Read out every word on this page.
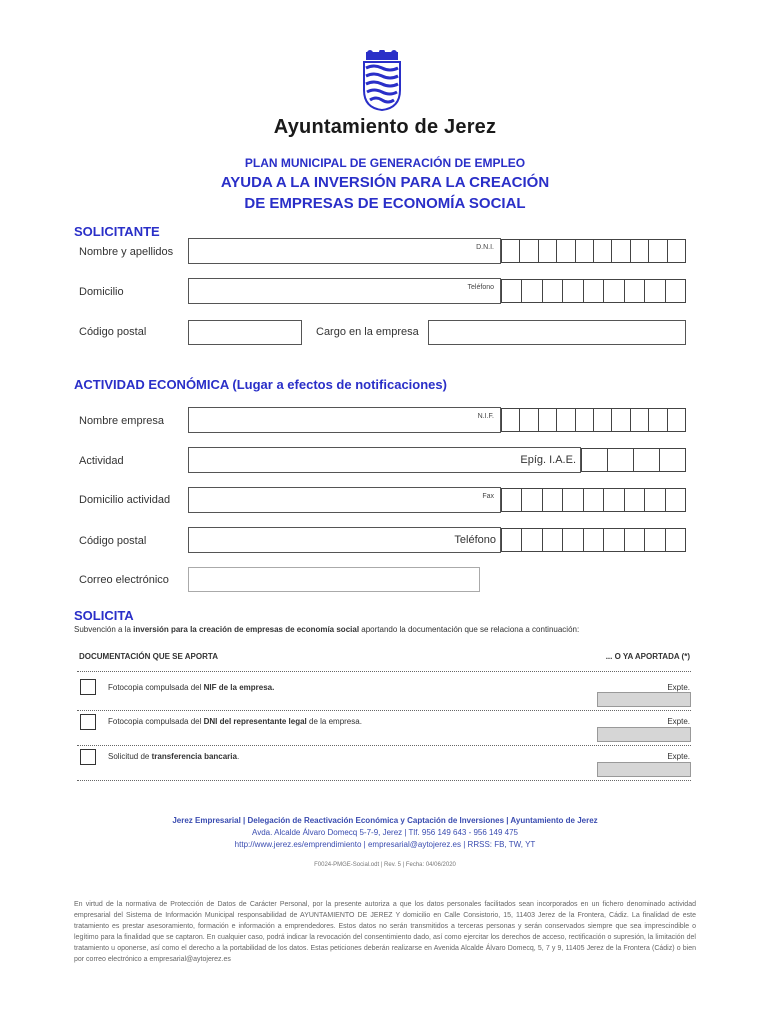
Ayuntamiento de Jerez
PLAN MUNICIPAL DE GENERACIÓN DE EMPLEO
AYUDA A LA INVERSIÓN PARA LA CREACIÓN
DE EMPRESAS DE ECONOMÍA SOCIAL
SOLICITANTE
Nombre y apellidos	D.N.I.
Domicilio	Teléfono
Código postal	Cargo en la empresa
ACTIVIDAD ECONÓMICA (Lugar a efectos de notificaciones)
Nombre empresa	N.I.F.
Actividad	Epíg. I.A.E.
Domicilio actividad	Fax
Código postal	Teléfono
Correo electrónico
SOLICITA
Subvención a la inversión para la creación de empresas de economía social aportando la documentación que se relaciona a continuación:
DOCUMENTACIÓN QUE SE APORTA	... O YA APORTADA (*)
Fotocopia compulsada del NIF de la empresa.	Expte.
Fotocopia compulsada del DNI del representante legal de la empresa.	Expte.
Solicitud de transferencia bancaria.	Expte.
Jerez Empresarial | Delegación de Reactivación Económica y Captación de Inversiones | Ayuntamiento de Jerez
Avda. Alcalde Álvaro Domecq 5-7-9, Jerez | Tlf. 956 149 643 - 956 149 475
http://www.jerez.es/emprendimiento | empresarial@aytojerez.es | RRSS: FB, TW, YT
F0024-PMGE-Social.odt | Rev. 5 | Fecha: 04/06/2020
En virtud de la normativa de Protección de Datos de Carácter Personal, por la presente autoriza a que los datos personales facilitados sean incorporados en un fichero denominado actividad empresarial del Sistema de Información Municipal responsabilidad de AYUNTAMIENTO DE JEREZ Y domicilio en Calle Consistorio, 15, 11403 Jerez de la Frontera, Cádiz. La finalidad de este tratamiento es prestar asesoramiento, formación e información a emprendedores. Estos datos no serán transmitidos a terceras personas y serán conservados siempre que sea imprescindible o legítimo para la finalidad que se captaron. En cualquier caso, podrá indicar la revocación del consentimiento dado, así como ejercitar los derechos de acceso, rectificación o supresión, la limitación del tratamiento u oponerse, así como el derecho a la portabilidad de los datos. Estas peticiones deberán realizarse en Avenida Alcalde Álvaro Domecq, 5, 7 y 9, 11405 Jerez de la Frontera (Cádiz) o bien por correo electrónico a empresarial@aytojerez.es
